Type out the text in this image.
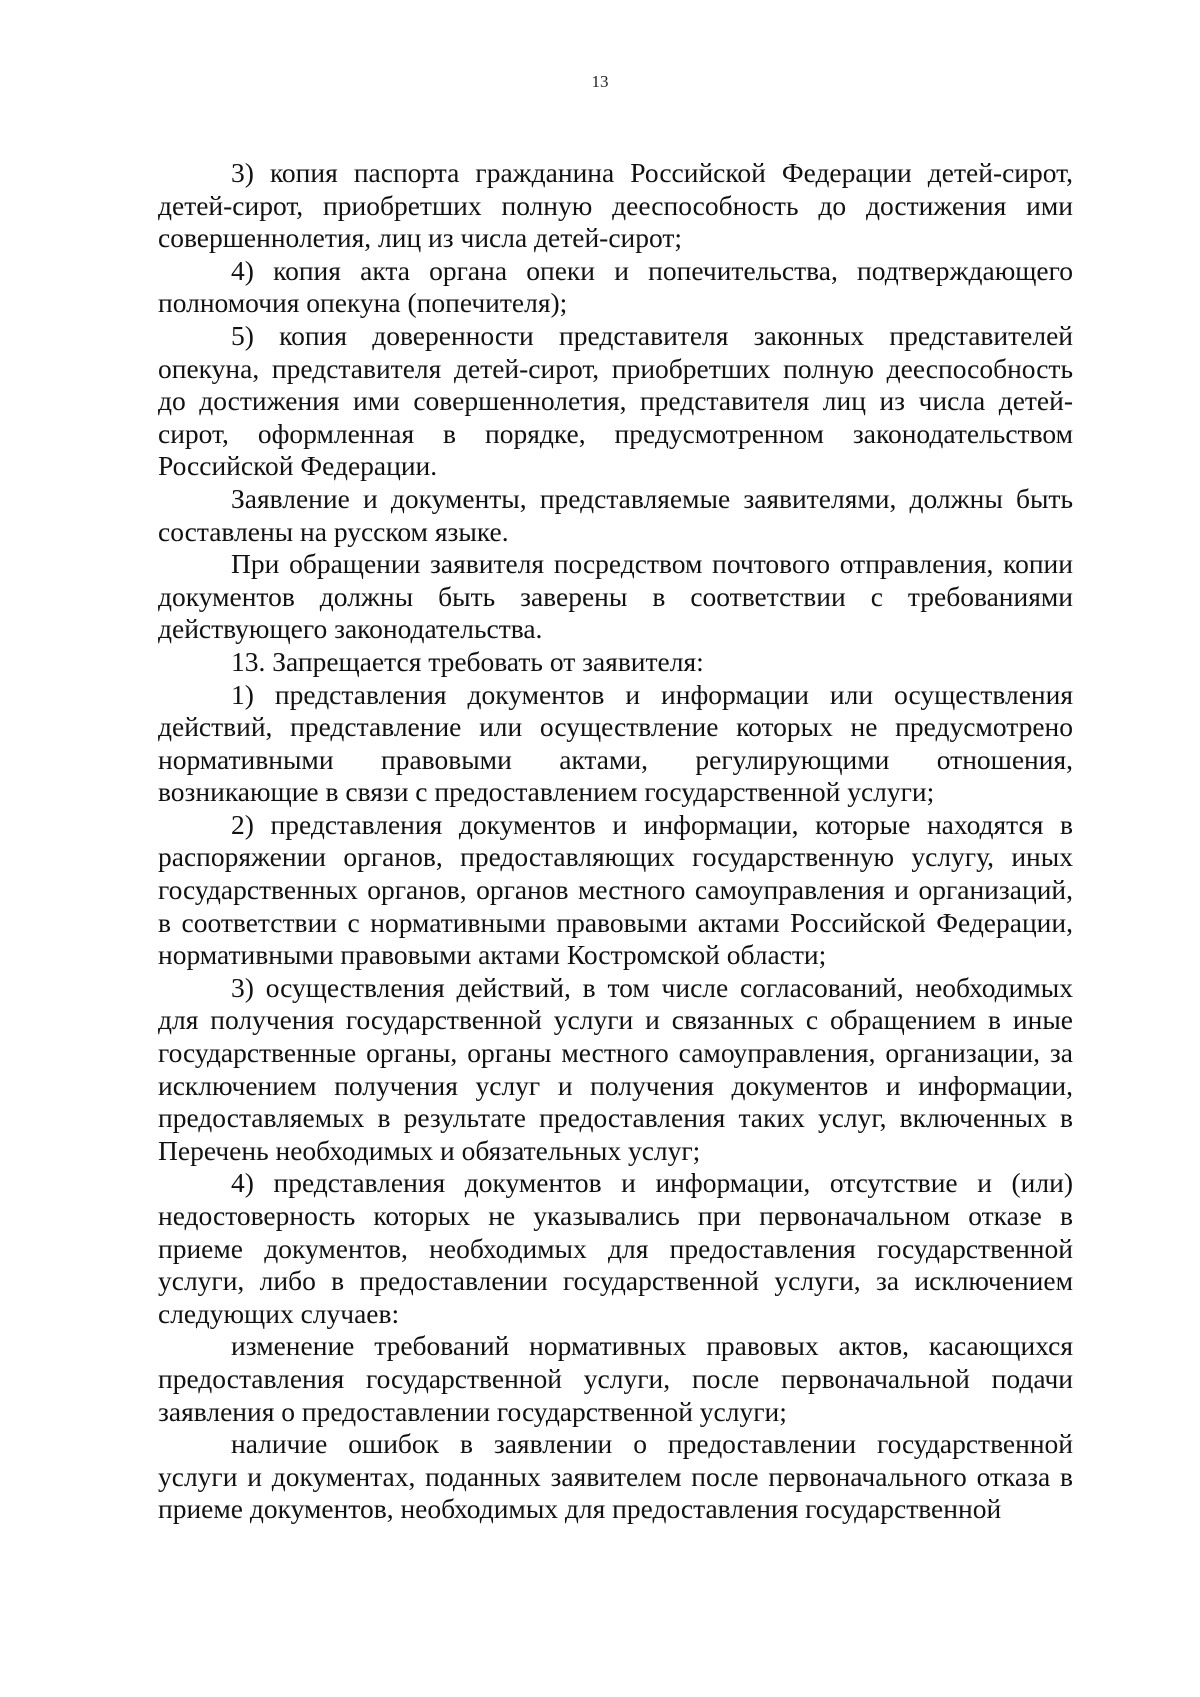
13

3) копия паспорта гражданина Российской Федерации детей-сирот, детей-сирот, приобретших полную дееспособность до достижения ими совершеннолетия, лиц из числа детей-сирот;

4) копия акта органа опеки и попечительства, подтверждающего полномочия опекуна (попечителя);

5) копия доверенности представителя законных представителей опекуна, представителя детей-сирот, приобретших полную дееспособность до достижения ими совершеннолетия, представителя лиц из числа детей-сирот, оформленная в порядке, предусмотренном законодательством Российской Федерации.

Заявление и документы, представляемые заявителями, должны быть составлены на русском языке.

При обращении заявителя посредством почтового отправления, копии документов должны быть заверены в соответствии с требованиями действующего законодательства.

13. Запрещается требовать от заявителя:

1) представления документов и информации или осуществления действий, представление или осуществление которых не предусмотрено нормативными правовыми актами, регулирующими отношения, возникающие в связи с предоставлением государственной услуги;

2) представления документов и информации, которые находятся в распоряжении органов, предоставляющих государственную услугу, иных государственных органов, органов местного самоуправления и организаций, в соответствии с нормативными правовыми актами Российской Федерации, нормативными правовыми актами Костромской области;

3) осуществления действий, в том числе согласований, необходимых для получения государственной услуги и связанных с обращением в иные государственные органы, органы местного самоуправления, организации, за исключением получения услуг и получения документов и информации, предоставляемых в результате предоставления таких услуг, включенных в Перечень необходимых и обязательных услуг;

4) представления документов и информации, отсутствие и (или) недостоверность которых не указывались при первоначальном отказе в приеме документов, необходимых для предоставления государственной услуги, либо в предоставлении государственной услуги, за исключением следующих случаев:

изменение требований нормативных правовых актов, касающихся предоставления государственной услуги, после первоначальной подачи заявления о предоставлении государственной услуги;

наличие ошибок в заявлении о предоставлении государственной услуги и документах, поданных заявителем после первоначального отказа в приеме документов, необходимых для предоставления государственной
